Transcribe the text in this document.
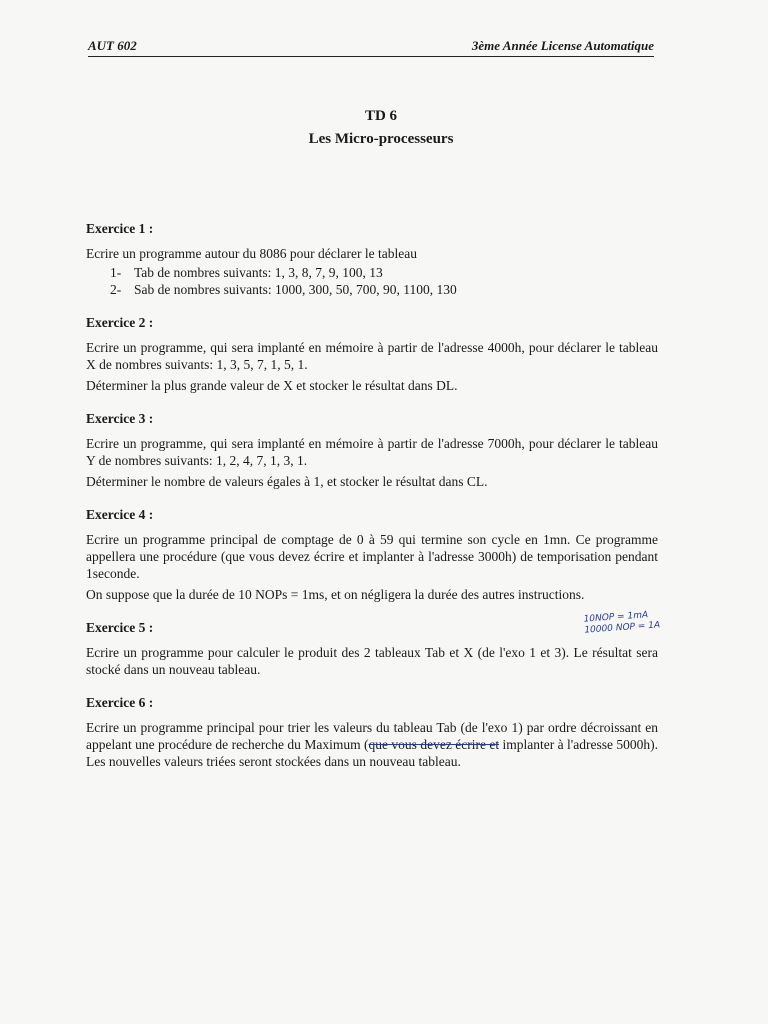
AUT 602	3ème Année License Automatique
TD 6
Les Micro-processeurs
Exercice 1 :

Ecrire un programme autour du 8086 pour déclarer le tableau

1- Tab de nombres suivants: 1, 3, 8, 7, 9, 100, 13
2- Sab de nombres suivants: 1000, 300, 50, 700, 90, 1100, 130
Exercice 2 :

Ecrire un programme, qui sera implanté en mémoire à partir de l'adresse 4000h, pour déclarer le tableau X de nombres suivants: 1, 3, 5, 7, 1, 5, 1.

Déterminer la plus grande valeur de X et stocker le résultat dans DL.

Exercice 3 :

Ecrire un programme, qui sera implanté en mémoire à partir de l'adresse 7000h, pour déclarer le tableau Y de nombres suivants: 1, 2, 4, 7, 1, 3, 1.

Déterminer le nombre de valeurs égales à 1, et stocker le résultat dans CL.

Exercice 4 :

Ecrire un programme principal de comptage de 0 à 59 qui termine son cycle en 1mn. Ce programme appellera une procédure (que vous devez écrire et implanter à l'adresse 3000h) de temporisation pendant 1seconde.

On suppose que la durée de 10 NOPs = 1ms, et on négligera la durée des autres instructions.

Exercice 5 :

Ecrire un programme pour calculer le produit des 2 tableaux Tab et X (de l'exo 1 et 3). Le résultat sera stocké dans un nouveau tableau.

Exercice 6 :

Ecrire un programme principal pour trier les valeurs du tableau Tab (de l'exo 1) par ordre décroissant en appelant une procédure de recherche du Maximum (que vous devez écrire et implanter à l'adresse 5000h). Les nouvelles valeurs triées seront stockées dans un nouveau tableau.

10NOP = 1mA
10000 NOP = 1A
